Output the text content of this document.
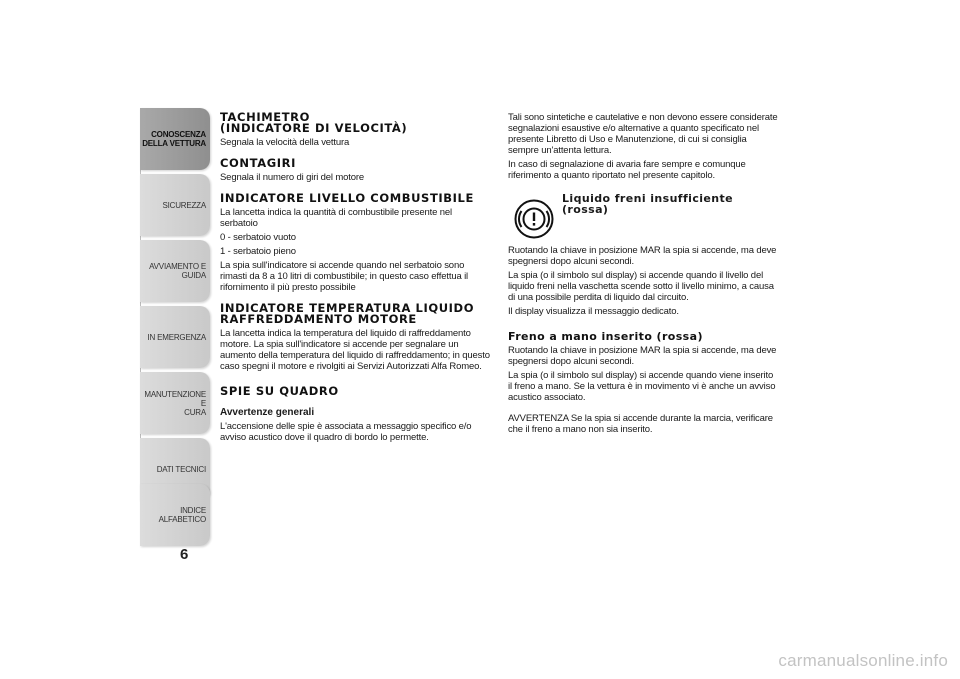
CONOSCENZA
DELLA VETTURA
SICUREZZA
AVVIAMENTO E
GUIDA
IN EMERGENZA
MANUTENZIONE E
CURA
DATI TECNICI
INDICE ALFABETICO
6
TACHIMETRO
(INDICATORE DI VELOCITÀ)

Segnala la velocità della vettura

CONTAGIRI

Segnala il numero di giri del motore

INDICATORE LIVELLO COMBUSTIBILE

La lancetta indica la quantità di combustibile presente nel serbatoio

0 - serbatoio vuoto

1 - serbatoio pieno

La spia sull'indicatore si accende quando nel serbatoio sono rimasti da 8 a 10 litri di combustibile; in questo caso effettua il rifornimento il più presto possibile

INDICATORE TEMPERATURA LIQUIDO RAFFREDDAMENTO MOTORE

La lancetta indica la temperatura del liquido di raffreddamento motore. La spia sull'indicatore si accende per segnalare un aumento della temperatura del liquido di raffreddamento; in questo caso spegni il motore e rivolgiti ai Servizi Autorizzati Alfa Romeo.

SPIE SU QUADRO
Avvertenze generali

L'accensione delle spie è associata a messaggio specifico e/o avviso acustico dove il quadro di bordo lo permette.

Tali sono sintetiche e cautelative e non devono essere considerate segnalazioni esaustive e/o alternative a quanto specificato nel presente Libretto di Uso e Manutenzione, di cui si consiglia sempre un'attenta lettura.

In caso di segnalazione di avaria fare sempre e comunque riferimento a quanto riportato nel presente capitolo.

Liquido freni insufficiente
(rossa)

Ruotando la chiave in posizione MAR la spia si accende, ma deve spegnersi dopo alcuni secondi.

La spia (o il simbolo sul display) si accende quando il livello del liquido freni nella vaschetta scende sotto il livello minimo, a causa di una possibile perdita di liquido dal circuito.

Il display visualizza il messaggio dedicato.

Freno a mano inserito (rossa)

Ruotando la chiave in posizione MAR la spia si accende, ma deve spegnersi dopo alcuni secondi.

La spia (o il simbolo sul display) si accende quando viene inserito il freno a mano. Se la vettura è in movimento vi è anche un avviso acustico associato.

AVVERTENZA Se la spia si accende durante la marcia, verificare che il freno a mano non sia inserito.

carmanualsonline.info
